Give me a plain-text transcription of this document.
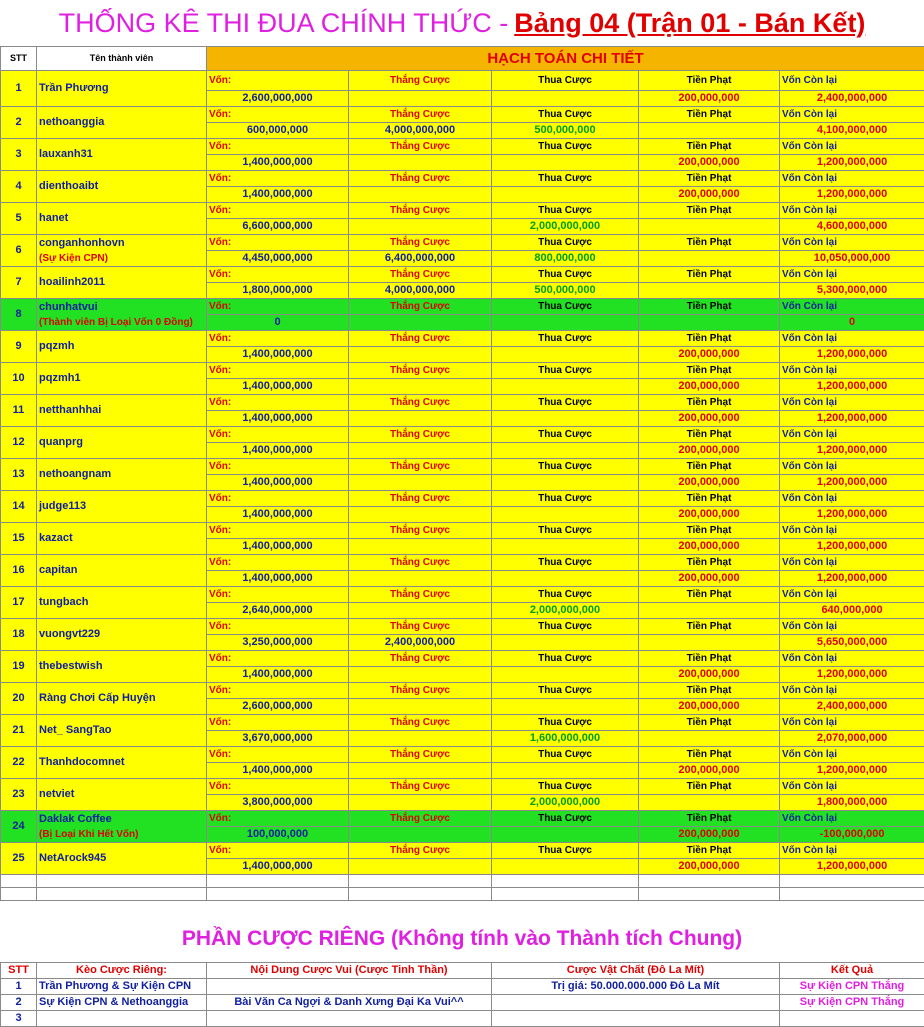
THỐNG KÊ THI ĐUA CHÍNH THỨC - Bảng 04 (Trận 01 - Bán Kết)
STT	Tên thành viên	HẠCH TOÁN CHI TIẾT				
1	Trần Phương	Vốn:	Thắng Cược	Thua Cược	Tiền Phạt	Vốn Còn lại
		2,600,000,000			200,000,000	2,400,000,000
2	nethoanggia	Vốn:	Thắng Cược	Thua Cược	Tiền Phạt	Vốn Còn lại
		600,000,000	4,000,000,000	500,000,000		4,100,000,000
3	lauxanh31	Vốn:	Thắng Cược	Thua Cược	Tiền Phạt	Vốn Còn lại
		1,400,000,000			200,000,000	1,200,000,000
4	dienthoaibt	Vốn:	Thắng Cược	Thua Cược	Tiền Phạt	Vốn Còn lại
		1,400,000,000			200,000,000	1,200,000,000
5	hanet	Vốn:	Thắng Cược	Thua Cược	Tiền Phạt	Vốn Còn lại
		6,600,000,000		2,000,000,000		4,600,000,000
6	conganhonhovn
(Sự Kiện CPN)	Vốn:	Thắng Cược	Thua Cược	Tiền Phạt	Vốn Còn lại
		4,450,000,000	6,400,000,000	800,000,000		10,050,000,000
7	hoailinh2011	Vốn:	Thắng Cược	Thua Cược	Tiền Phạt	Vốn Còn lại
		1,800,000,000	4,000,000,000	500,000,000		5,300,000,000
8	chunhatvui
(Thành viên Bị Loại Vốn 0 Đồng)	Vốn:	Thắng Cược	Thua Cược	Tiền Phạt	Vốn Còn lại
		0				0
9	pqzmh	Vốn:	Thắng Cược	Thua Cược	Tiền Phạt	Vốn Còn lại
		1,400,000,000			200,000,000	1,200,000,000
10	pqzmh1	Vốn:	Thắng Cược	Thua Cược	Tiền Phạt	Vốn Còn lại
		1,400,000,000			200,000,000	1,200,000,000
11	netthanhhai	Vốn:	Thắng Cược	Thua Cược	Tiền Phạt	Vốn Còn lại
		1,400,000,000			200,000,000	1,200,000,000
12	quanprg	Vốn:	Thắng Cược	Thua Cược	Tiền Phạt	Vốn Còn lại
		1,400,000,000			200,000,000	1,200,000,000
13	nethoangnam	Vốn:	Thắng Cược	Thua Cược	Tiền Phạt	Vốn Còn lại
		1,400,000,000			200,000,000	1,200,000,000
14	judge113	Vốn:	Thắng Cược	Thua Cược	Tiền Phạt	Vốn Còn lại
		1,400,000,000			200,000,000	1,200,000,000
15	kazact	Vốn:	Thắng Cược	Thua Cược	Tiền Phạt	Vốn Còn lại
		1,400,000,000			200,000,000	1,200,000,000
16	capitan	Vốn:	Thắng Cược	Thua Cược	Tiền Phạt	Vốn Còn lại
		1,400,000,000			200,000,000	1,200,000,000
17	tungbach	Vốn:	Thắng Cược	Thua Cược	Tiền Phạt	Vốn Còn lại
		2,640,000,000		2,000,000,000		640,000,000
18	vuongvt229	Vốn:	Thắng Cược	Thua Cược	Tiền Phạt	Vốn Còn lại
		3,250,000,000	2,400,000,000			5,650,000,000
19	thebestwish	Vốn:	Thắng Cược	Thua Cược	Tiền Phạt	Vốn Còn lại
		1,400,000,000			200,000,000	1,200,000,000
20	Ràng Chơi Cấp Huyện	Vốn:	Thắng Cược	Thua Cược	Tiền Phạt	Vốn Còn lại
		2,600,000,000			200,000,000	2,400,000,000
21	Net_ SangTao	Vốn:	Thắng Cược	Thua Cược	Tiền Phạt	Vốn Còn lại
		3,670,000,000		1,600,000,000		2,070,000,000
22	Thanhdocomnet	Vốn:	Thắng Cược	Thua Cược	Tiền Phạt	Vốn Còn lại
		1,400,000,000			200,000,000	1,200,000,000
23	netviet	Vốn:	Thắng Cược	Thua Cược	Tiền Phạt	Vốn Còn lại
		3,800,000,000		2,000,000,000		1,800,000,000
24	Daklak Coffee
(Bị Loại Khi Hết Vốn)	Vốn:	Thắng Cược	Thua Cược	Tiền Phạt	Vốn Còn lại
		100,000,000			200,000,000	-100,000,000
25	NetArock945	Vốn:	Thắng Cược	Thua Cược	Tiền Phạt	Vốn Còn lại
		1,400,000,000			200,000,000	1,200,000,000

PHẦN CƯỢC RIÊNG (Không tính vào Thành tích Chung)
STT	Kèo Cược Riêng:	Nội Dung Cược Vui (Cược Tinh Thần)	Cược Vật Chất (Đô La Mít)	Kết Quả
1	Trần Phương & Sự Kiện CPN		Trị giá: 50.000.000.000 Đô La Mít	Sự Kiện CPN Thắng
2	Sự Kiện CPN & Nethoanggia	Bài Văn Ca Ngợi & Danh Xưng Đại Ka Vui^^		Sự Kiện CPN Thắng
3				
